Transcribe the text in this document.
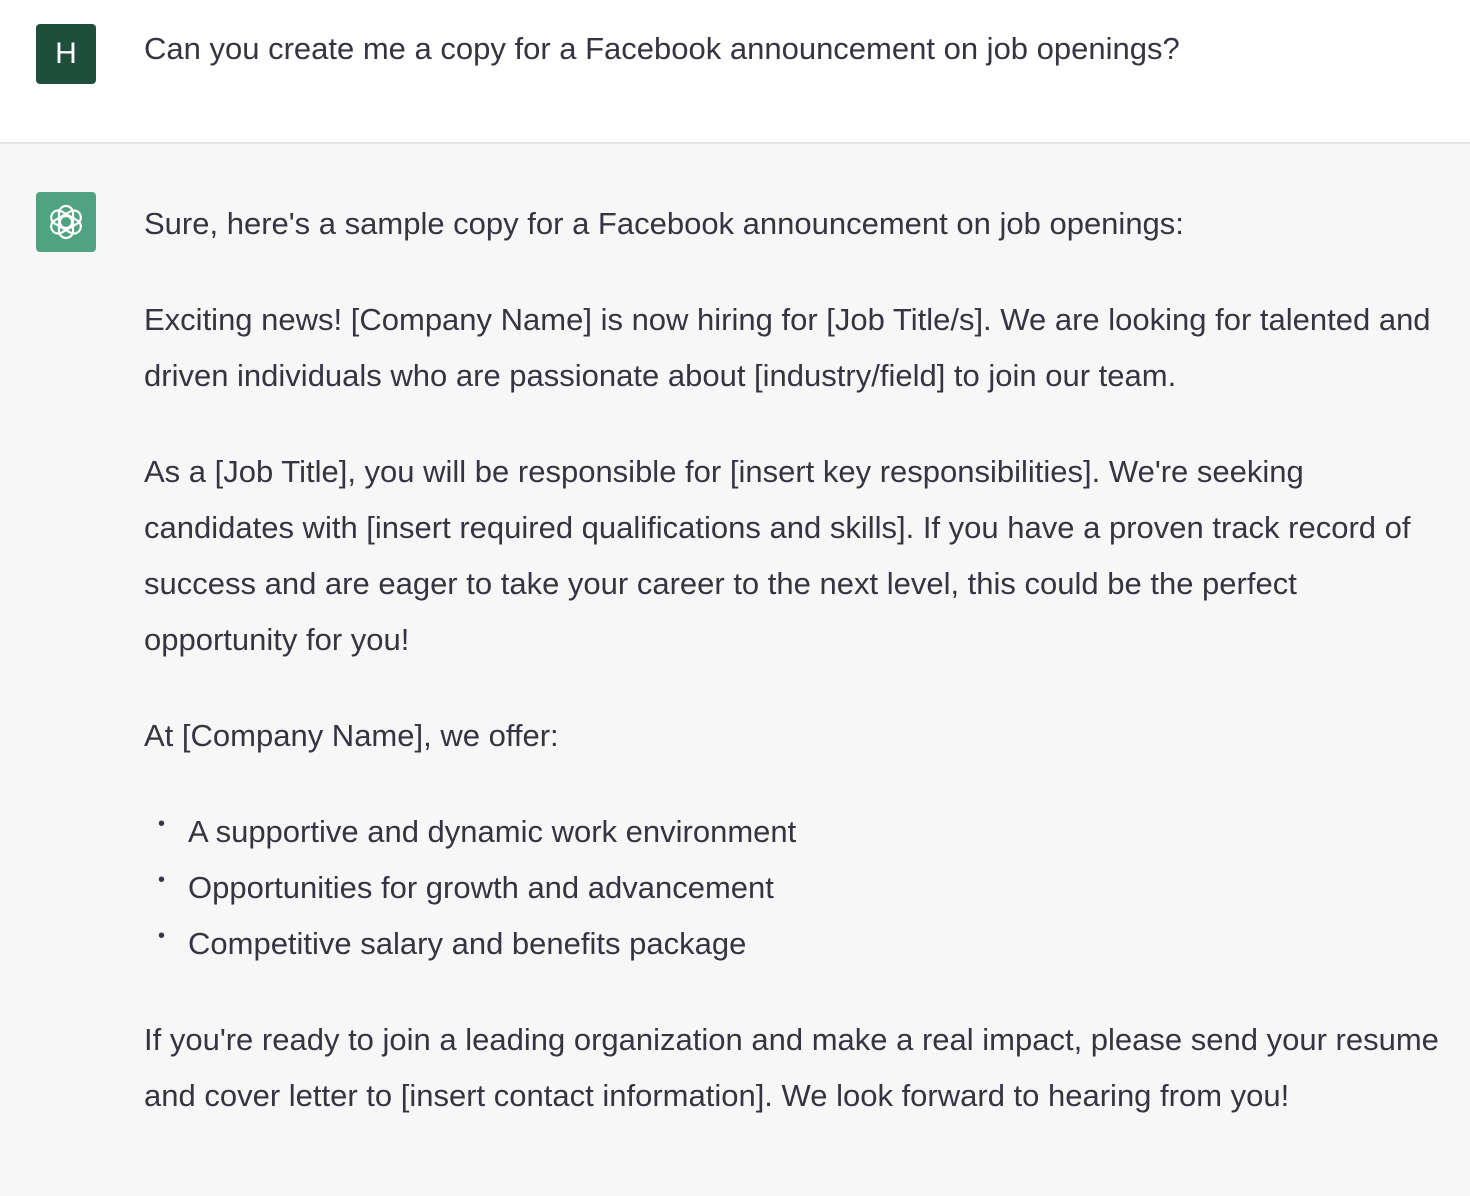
H Can you create me a copy for a Facebook announcement on job openings?

Sure, here's a sample copy for a Facebook announcement on job openings:

Exciting news! [Company Name] is now hiring for [Job Title/s]. We are looking for talented and driven individuals who are passionate about [industry/field] to join our team.

As a [Job Title], you will be responsible for [insert key responsibilities]. We're seeking candidates with [insert required qualifications and skills]. If you have a proven track record of success and are eager to take your career to the next level, this could be the perfect opportunity for you!

At [Company Name], we offer:

• A supportive and dynamic work environment
• Opportunities for growth and advancement
• Competitive salary and benefits package

If you're ready to join a leading organization and make a real impact, please send your resume and cover letter to [insert contact information]. We look forward to hearing from you!
